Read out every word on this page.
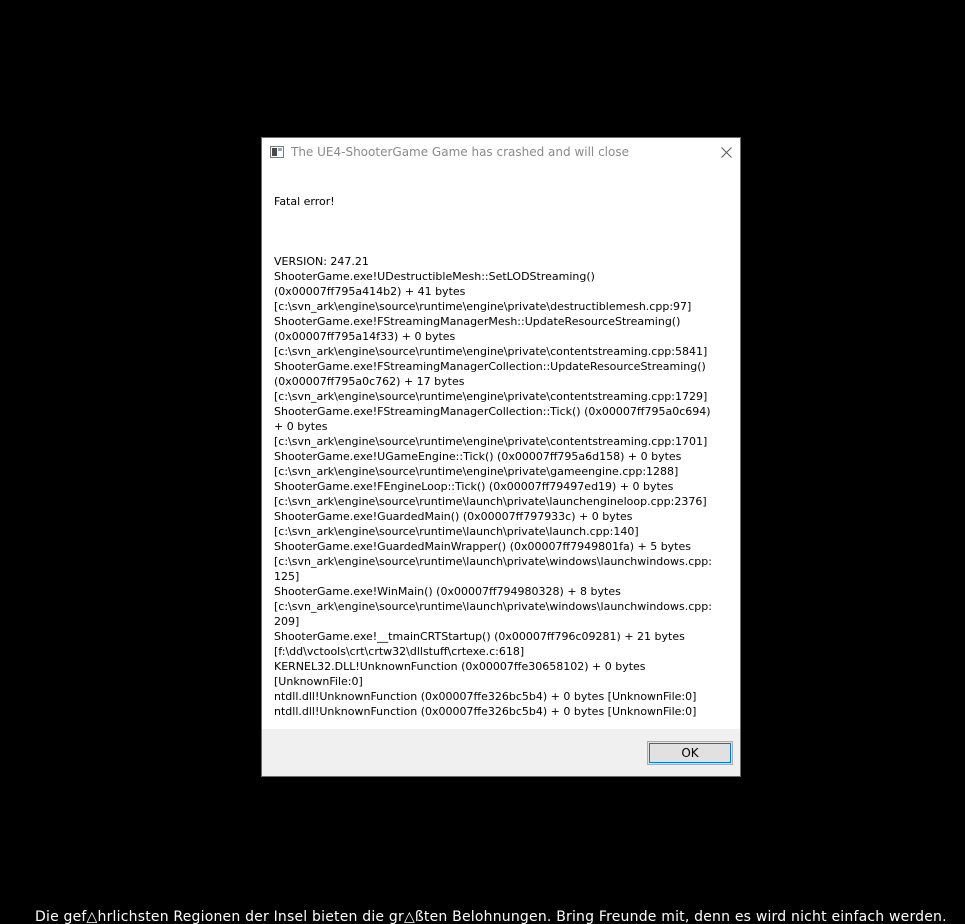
The UE4-ShooterGame Game has crashed and will close

Fatal error!

VERSION: 247.21
ShooterGame.exe!UDestructibleMesh::SetLODStreaming() (0x00007ff795a414b2) + 41 bytes
[c:\svn_ark\engine\source\runtime\engine\private\destructiblemesh.cpp:97]
ShooterGame.exe!FStreamingManagerMesh::UpdateResourceStreaming() (0x00007ff795a14f33) + 0 bytes
[c:\svn_ark\engine\source\runtime\engine\private\contentstreaming.cpp:5841]
ShooterGame.exe!FStreamingManagerCollection::UpdateResourceStreaming() (0x00007ff795a0c762) + 17 bytes
[c:\svn_ark\engine\source\runtime\engine\private\contentstreaming.cpp:1729]
ShooterGame.exe!FStreamingManagerCollection::Tick() (0x00007ff795a0c694) + 0 bytes
[c:\svn_ark\engine\source\runtime\engine\private\contentstreaming.cpp:1701]
ShooterGame.exe!UGameEngine::Tick() (0x00007ff795a6d158) + 0 bytes
[c:\svn_ark\engine\source\runtime\engine\private\gameengine.cpp:1288]
ShooterGame.exe!FEngineLoop::Tick() (0x00007ff79497ed19) + 0 bytes
[c:\svn_ark\engine\source\runtime\launch\private\launchengineloop.cpp:2376]
ShooterGame.exe!GuardedMain() (0x00007ff797933c) + 0 bytes
[c:\svn_ark\engine\source\runtime\launch\private\launch.cpp:140]
ShooterGame.exe!GuardedMainWrapper() (0x00007ff7949801fa) + 5 bytes
[c:\svn_ark\engine\source\runtime\launch\private\windows\launchwindows.cpp:125]
ShooterGame.exe!WinMain() (0x00007ff794980328) + 8 bytes
[c:\svn_ark\engine\source\runtime\launch\private\windows\launchwindows.cpp:209]
ShooterGame.exe!__tmainCRTStartup() (0x00007ff796c09281) + 21 bytes
[f:\dd\vctools\crt\crtw32\dllstuff\crtexe.c:618]
KERNEL32.DLL!UnknownFunction (0x00007ffe30658102) + 0 bytes [UnknownFile:0]
ntdll.dll!UnknownFunction (0x00007ffe326bc5b4) + 0 bytes [UnknownFile:0]
ntdll.dll!UnknownFunction (0x00007ffe326bc5b4) + 0 bytes [UnknownFile:0]
OK
Die gef△hrlichsten Regionen der Insel bieten die gr△ßten Belohnungen. Bring Freunde mit, denn es wird nicht einfach werden.
